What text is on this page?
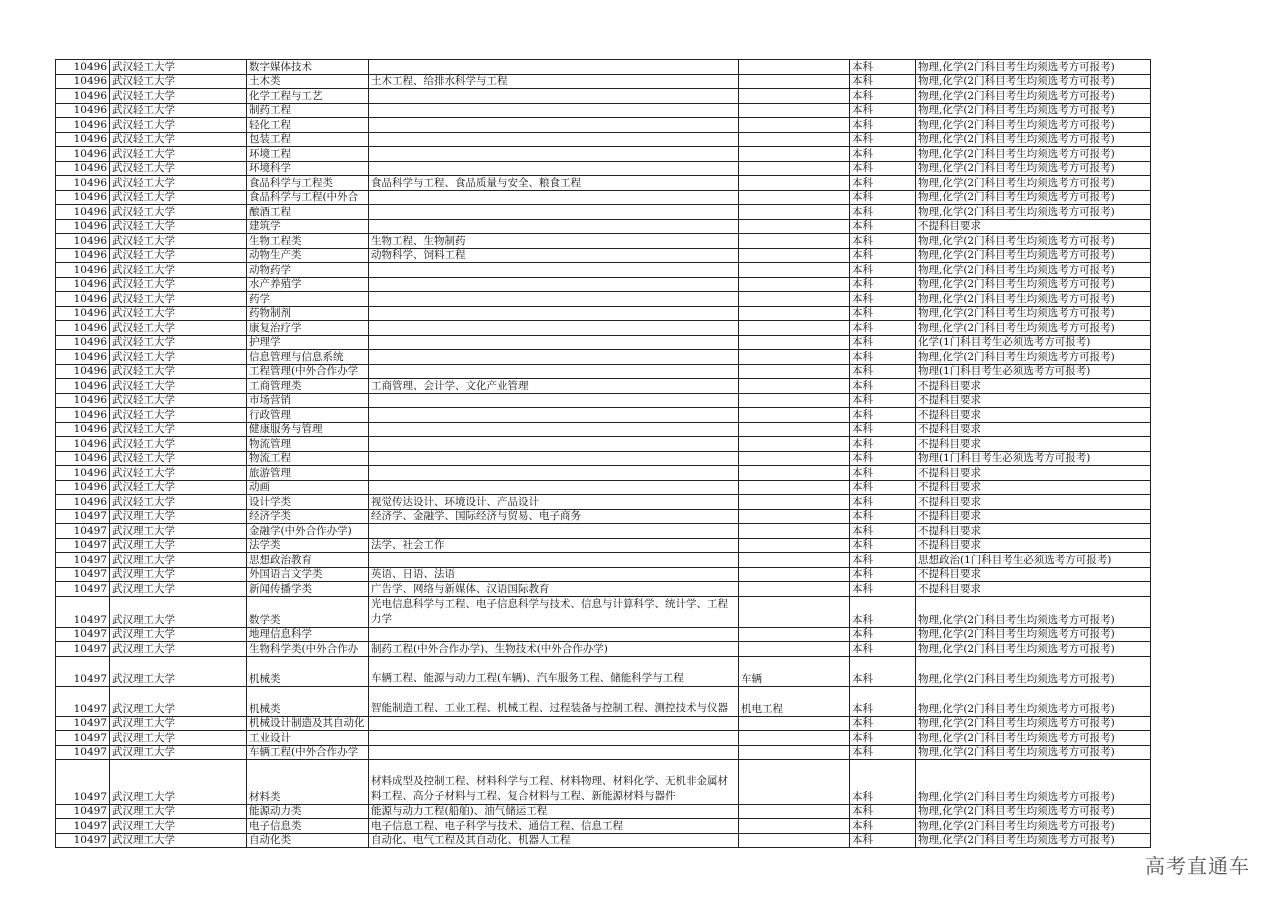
10496	武汉轻工大学	数字媒体技术			本科	物理,化学(2门科目考生均须选考方可报考)
10496	武汉轻工大学	土木类	土木工程、给排水科学与工程		本科	物理,化学(2门科目考生均须选考方可报考)
10496	武汉轻工大学	化学工程与工艺			本科	物理,化学(2门科目考生均须选考方可报考)
10496	武汉轻工大学	制药工程			本科	物理,化学(2门科目考生均须选考方可报考)
10496	武汉轻工大学	轻化工程			本科	物理,化学(2门科目考生均须选考方可报考)
10496	武汉轻工大学	包装工程			本科	物理,化学(2门科目考生均须选考方可报考)
10496	武汉轻工大学	环境工程			本科	物理,化学(2门科目考生均须选考方可报考)
10496	武汉轻工大学	环境科学			本科	物理,化学(2门科目考生均须选考方可报考)
10496	武汉轻工大学	食品科学与工程类	食品科学与工程、食品质量与安全、粮食工程		本科	物理,化学(2门科目考生均须选考方可报考)
10496	武汉轻工大学	食品科学与工程(中外合			本科	物理,化学(2门科目考生均须选考方可报考)
10496	武汉轻工大学	酿酒工程			本科	物理,化学(2门科目考生均须选考方可报考)
10496	武汉轻工大学	建筑学			本科	不提科目要求
10496	武汉轻工大学	生物工程类	生物工程、生物制药		本科	物理,化学(2门科目考生均须选考方可报考)
10496	武汉轻工大学	动物生产类	动物科学、饲料工程		本科	物理,化学(2门科目考生均须选考方可报考)
10496	武汉轻工大学	动物药学			本科	物理,化学(2门科目考生均须选考方可报考)
10496	武汉轻工大学	水产养殖学			本科	物理,化学(2门科目考生均须选考方可报考)
10496	武汉轻工大学	药学			本科	物理,化学(2门科目考生均须选考方可报考)
10496	武汉轻工大学	药物制剂			本科	物理,化学(2门科目考生均须选考方可报考)
10496	武汉轻工大学	康复治疗学			本科	物理,化学(2门科目考生均须选考方可报考)
10496	武汉轻工大学	护理学			本科	化学(1门科目考生必须选考方可报考)
10496	武汉轻工大学	信息管理与信息系统			本科	物理,化学(2门科目考生均须选考方可报考)
10496	武汉轻工大学	工程管理(中外合作办学			本科	物理(1门科目考生必须选考方可报考)
10496	武汉轻工大学	工商管理类	工商管理、会计学、文化产业管理		本科	不提科目要求
10496	武汉轻工大学	市场营销			本科	不提科目要求
10496	武汉轻工大学	行政管理			本科	不提科目要求
10496	武汉轻工大学	健康服务与管理			本科	不提科目要求
10496	武汉轻工大学	物流管理			本科	不提科目要求
10496	武汉轻工大学	物流工程			本科	物理(1门科目考生必须选考方可报考)
10496	武汉轻工大学	旅游管理			本科	不提科目要求
10496	武汉轻工大学	动画			本科	不提科目要求
10496	武汉轻工大学	设计学类	视觉传达设计、环境设计、产品设计		本科	不提科目要求
10497	武汉理工大学	经济学类	经济学、金融学、国际经济与贸易、电子商务		本科	不提科目要求
10497	武汉理工大学	金融学(中外合作办学)			本科	不提科目要求
10497	武汉理工大学	法学类	法学、社会工作		本科	不提科目要求
10497	武汉理工大学	思想政治教育			本科	思想政治(1门科目考生必须选考方可报考)
10497	武汉理工大学	外国语言文学类	英语、日语、法语		本科	不提科目要求
10497	武汉理工大学	新闻传播学类	广告学、网络与新媒体、汉语国际教育		本科	不提科目要求
10497	武汉理工大学	数学类	光电信息科学与工程、电子信息科学与技术、信息与计算科学、统计学、工程力学		本科	物理,化学(2门科目考生均须选考方可报考)
10497	武汉理工大学	地理信息科学			本科	物理,化学(2门科目考生均须选考方可报考)
10497	武汉理工大学	生物科学类(中外合作办	制药工程(中外合作办学)、生物技术(中外合作办学)		本科	物理,化学(2门科目考生均须选考方可报考)
10497	武汉理工大学	机械类	车辆工程、能源与动力工程(车辆)、汽车服务工程、储能科学与工程	车辆	本科	物理,化学(2门科目考生均须选考方可报考)
10497	武汉理工大学	机械类	智能制造工程、工业工程、机械工程、过程装备与控制工程、测控技术与仪器	机电工程	本科	物理,化学(2门科目考生均须选考方可报考)
10497	武汉理工大学	机械设计制造及其自动化			本科	物理,化学(2门科目考生均须选考方可报考)
10497	武汉理工大学	工业设计			本科	物理,化学(2门科目考生均须选考方可报考)
10497	武汉理工大学	车辆工程(中外合作办学			本科	物理,化学(2门科目考生均须选考方可报考)
10497	武汉理工大学	材料类	材料成型及控制工程、材料科学与工程、材料物理、材料化学、无机非金属材料工程、高分子材料与工程、复合材料与工程、新能源材料与器件		本科	物理,化学(2门科目考生均须选考方可报考)
10497	武汉理工大学	能源动力类	能源与动力工程(船舶)、油气储运工程		本科	物理,化学(2门科目考生均须选考方可报考)
10497	武汉理工大学	电子信息类	电子信息工程、电子科学与技术、通信工程、信息工程		本科	物理,化学(2门科目考生均须选考方可报考)
10497	武汉理工大学	自动化类	自动化、电气工程及其自动化、机器人工程		本科	物理,化学(2门科目考生均须选考方可报考)
高考直通车
